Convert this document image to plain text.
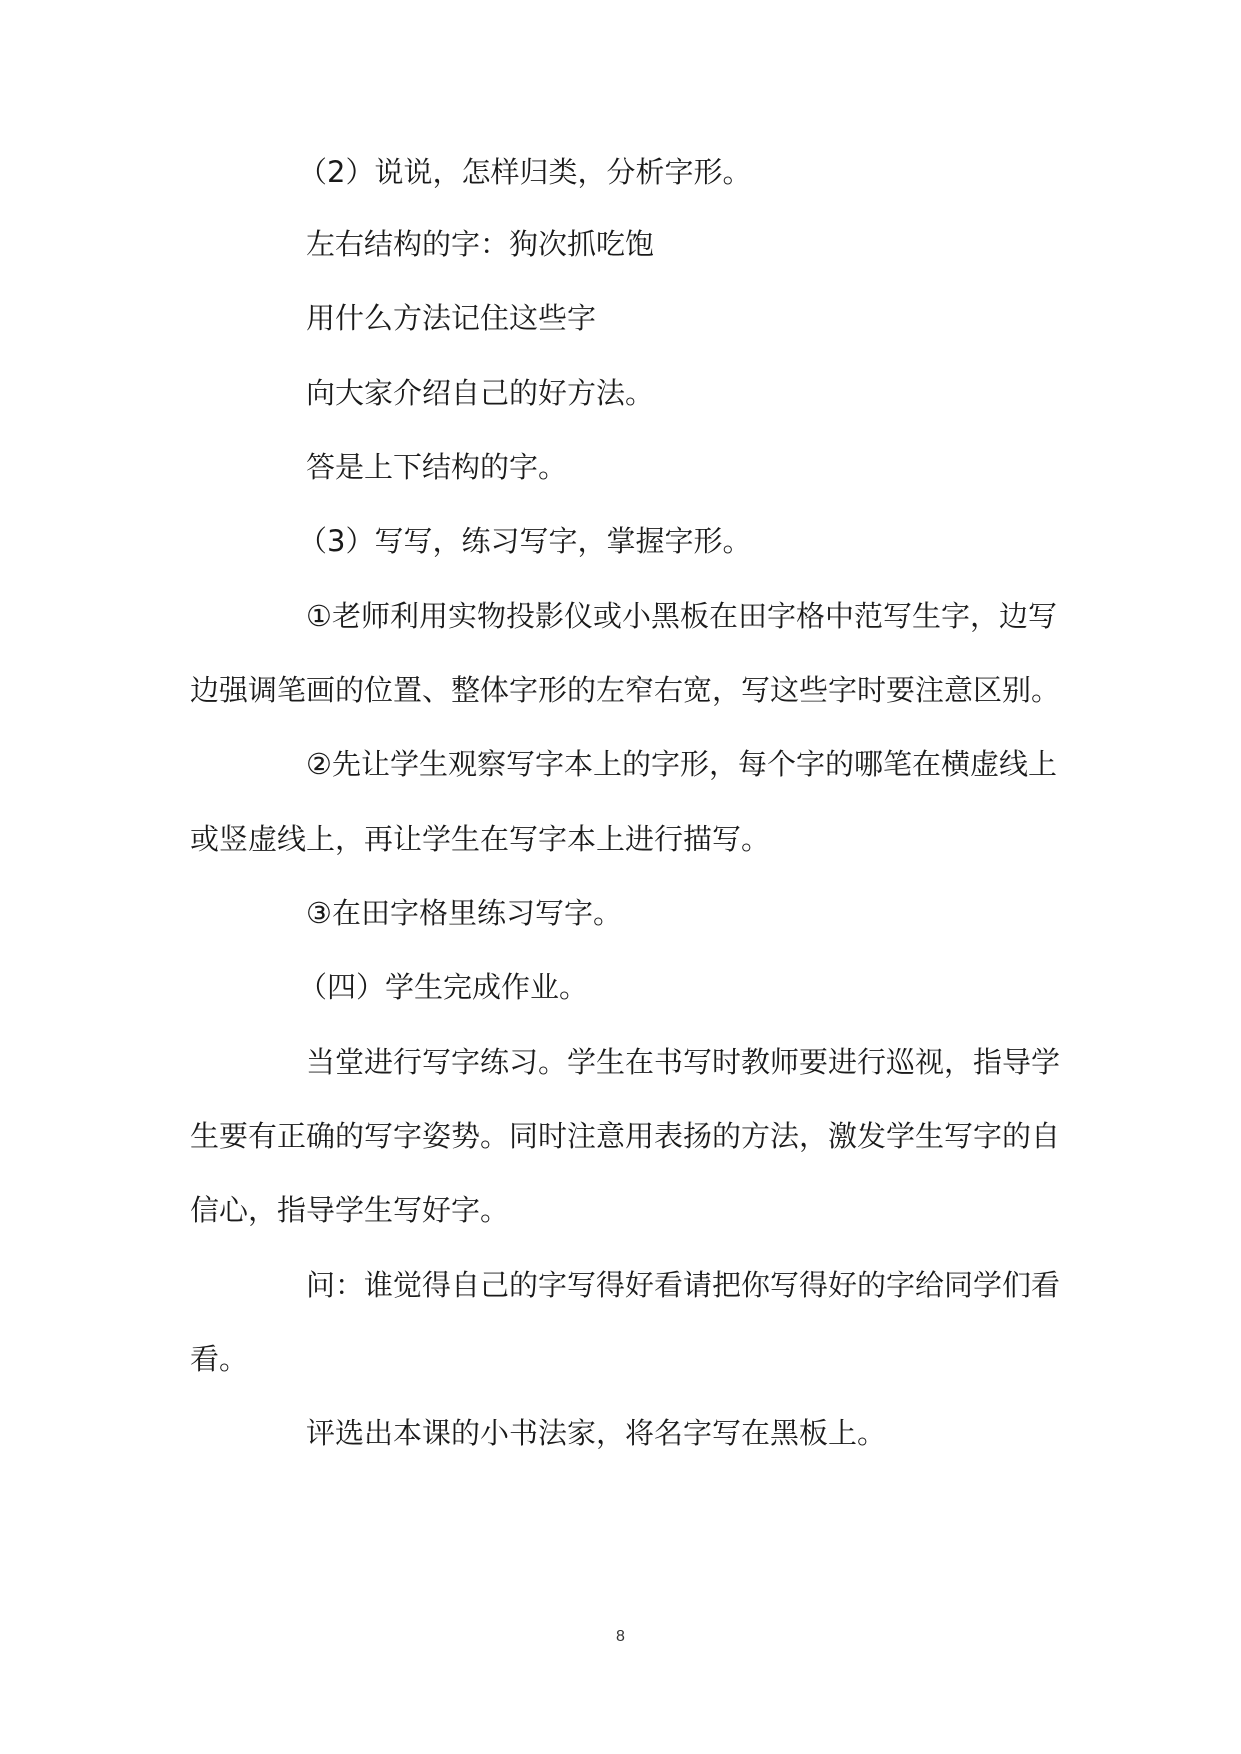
（2）说说，怎样归类，分析字形。
左右结构的字：狗次抓吃饱
用什么方法记住这些字
向大家介绍自己的好方法。
答是上下结构的字。
（3）写写，练习写字，掌握字形。
①老师利用实物投影仪或小黑板在田字格中范写生字，边写
边强调笔画的位置、整体字形的左窄右宽，写这些字时要注意区别。
②先让学生观察写字本上的字形，每个字的哪笔在横虚线上
或竖虚线上，再让学生在写字本上进行描写。
③在田字格里练习写字。
（四）学生完成作业。
当堂进行写字练习。学生在书写时教师要进行巡视，指导学
生要有正确的写字姿势。同时注意用表扬的方法，激发学生写字的自
信心，指导学生写好字。
问：谁觉得自己的字写得好看请把你写得好的字给同学们看
看。
评选出本课的小书法家，将名字写在黑板上。
8
